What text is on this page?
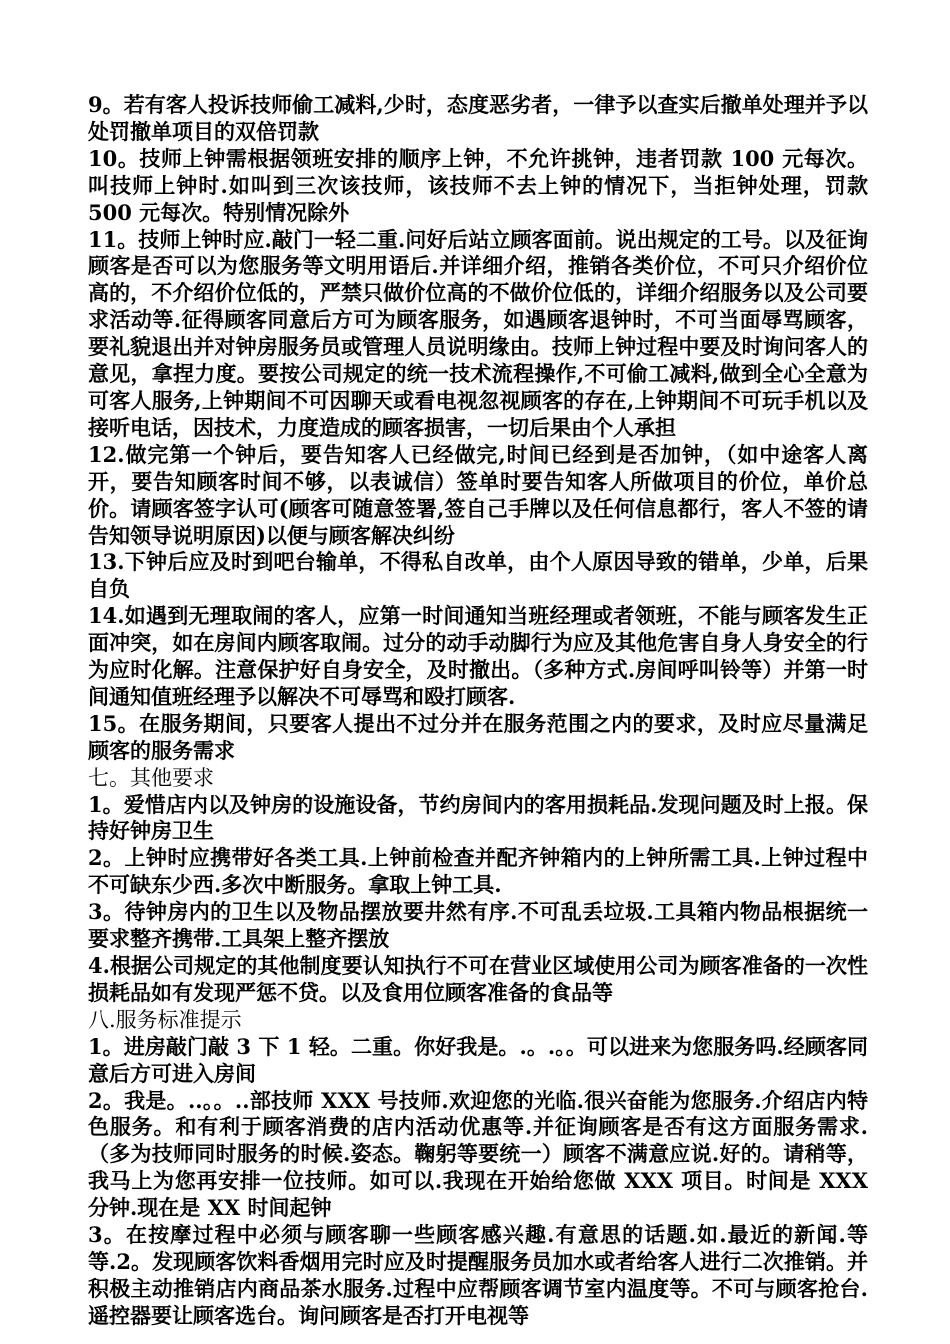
9。若有客人投诉技师偷工减料,少时，态度恶劣者，一律予以查实后撤单处理并予以处罚撤单项目的双倍罚款

10。技师上钟需根据领班安排的顺序上钟，不允许挑钟，违者罚款 100 元每次。叫技师上钟时.如叫到三次该技师，该技师不去上钟的情况下，当拒钟处理，罚款 500 元每次。特别情况除外

11。技师上钟时应.敲门一轻二重.问好后站立顾客面前。说出规定的工号。以及征询顾客是否可以为您服务等文明用语后.并详细介绍，推销各类价位，不可只介绍价位高的，不介绍价位低的，严禁只做价位高的不做价位低的，详细介绍服务以及公司要求活动等.征得顾客同意后方可为顾客服务，如遇顾客退钟时，不可当面辱骂顾客，要礼貌退出并对钟房服务员或管理人员说明缘由。技师上钟过程中要及时询问客人的意见，拿捏力度。要按公司规定的统一技术流程操作,不可偷工减料,做到全心全意为可客人服务,上钟期间不可因聊天或看电视忽视顾客的存在,上钟期间不可玩手机以及接听电话，因技术，力度造成的顾客损害，一切后果由个人承担

12.做完第一个钟后，要告知客人已经做完,时间已经到是否加钟，（如中途客人离开，要告知顾客时间不够，以表诚信）签单时要告知客人所做项目的价位，单价总价。请顾客签字认可(顾客可随意签署,签自己手牌以及任何信息都行，客人不签的请告知领导说明原因)以便与顾客解决纠纷

13.下钟后应及时到吧台输单，不得私自改单，由个人原因导致的错单，少单，后果自负

14.如遇到无理取闹的客人，应第一时间通知当班经理或者领班，不能与顾客发生正面冲突，如在房间内顾客取闹。过分的动手动脚行为应及其他危害自身人身安全的行为应时化解。注意保护好自身安全，及时撤出。（多种方式.房间呼叫铃等）并第一时间通知值班经理予以解决不可辱骂和殴打顾客.

15。在服务期间，只要客人提出不过分并在服务范围之内的要求，及时应尽量满足顾客的服务需求

七。其他要求

1。爱惜店内以及钟房的设施设备，节约房间内的客用损耗品.发现问题及时上报。保持好钟房卫生

2。上钟时应携带好各类工具.上钟前检查并配齐钟箱内的上钟所需工具.上钟过程中不可缺东少西.多次中断服务。拿取上钟工具.

3。待钟房内的卫生以及物品摆放要井然有序.不可乱丢垃圾.工具箱内物品根据统一要求整齐携带.工具架上整齐摆放

4.根据公司规定的其他制度要认知执行不可在营业区域使用公司为顾客准备的一次性损耗品如有发现严惩不贷。以及食用位顾客准备的食品等

八.服务标准提示

1。进房敲门敲 3 下 1 轻。二重。你好我是。.。.。。可以进来为您服务吗.经顾客同意后方可进入房间

2。我是。..。。..部技师 XXX 号技师.欢迎您的光临.很兴奋能为您服务.介绍店内特色服务。和有利于顾客消费的店内活动优惠等.并征询顾客是否有这方面服务需求.（多为技师同时服务的时候.姿态。鞠躬等要统一）顾客不满意应说.好的。请稍等，我马上为您再安排一位技师。如可以.我现在开始给您做 XXX 项目。时间是 XXX 分钟.现在是 XX 时间起钟

3。在按摩过程中必须与顾客聊一些顾客感兴趣.有意思的话题.如.最近的新闻.等等.2。发现顾客饮料香烟用完时应及时提醒服务员加水或者给客人进行二次推销。并积极主动推销店内商品茶水服务.过程中应帮顾客调节室内温度等。不可与顾客抢台.遥控器要让顾客选台。询问顾客是否打开电视等
